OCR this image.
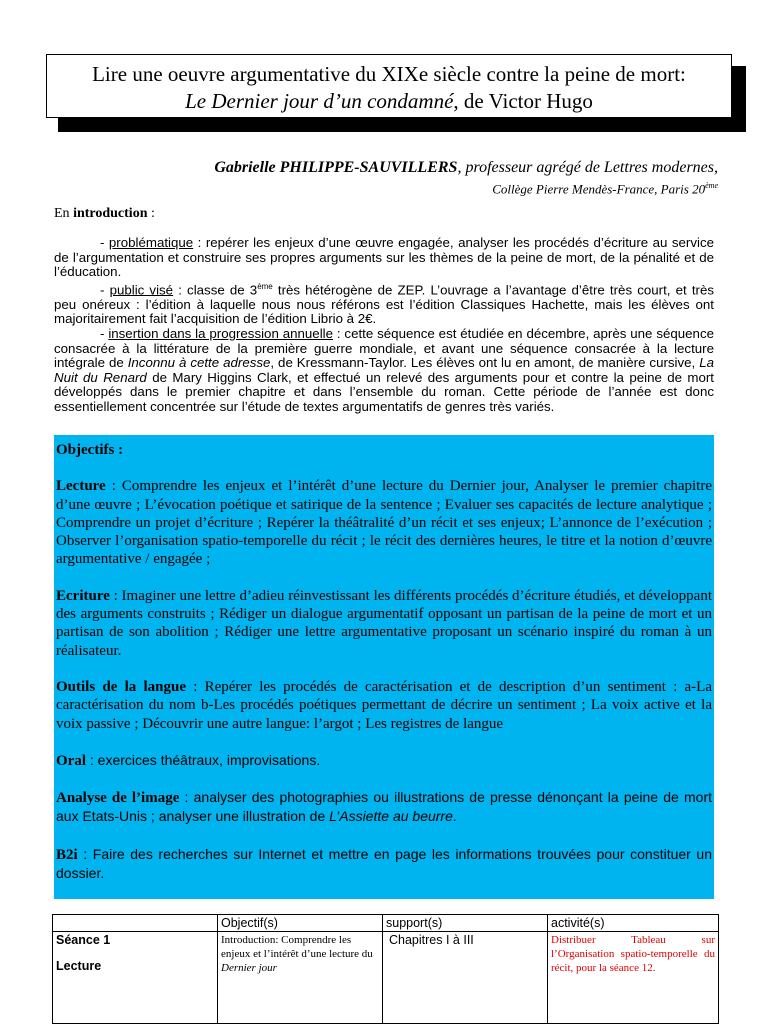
Lire une oeuvre argumentative du XIXe siècle contre la peine de mort:
Le Dernier jour d’un condamné, de Victor Hugo
Gabrielle PHILIPPE-SAUVILLERS, professeur agrégé de Lettres modernes,
Collège Pierre Mendès-France, Paris 20ème
En introduction :

- problématique : repérer les enjeux d’une œuvre engagée, analyser les procédés d’écriture au service de l’argumentation et construire ses propres arguments sur les thèmes de la peine de mort, de la pénalité et de l’éducation.

- public visé : classe de 3ème très hétérogène de ZEP. L’ouvrage a l’avantage d’être très court, et très peu onéreux : l’édition à laquelle nous nous référons est l’édition Classiques Hachette, mais les élèves ont majoritairement fait l’acquisition de l’édition Librio à 2€.

- insertion dans la progression annuelle : cette séquence est étudiée en décembre, après une séquence consacrée à la littérature de la première guerre mondiale, et avant une séquence consacrée à la lecture intégrale de Inconnu à cette adresse, de Kressmann-Taylor. Les élèves ont lu en amont, de manière cursive, La Nuit du Renard de Mary Higgins Clark, et effectué un relevé des arguments pour et contre la peine de mort développés dans le premier chapitre et dans l’ensemble du roman. Cette période de l’année est donc essentiellement concentrée sur l’étude de textes argumentatifs de genres très variés.

Objectifs :

Lecture : Comprendre les enjeux et l’intérêt d’une lecture du Dernier jour, Analyser le premier chapitre d’une œuvre ; L’évocation poétique et satirique de la sentence ; Evaluer ses capacités de lecture analytique ; Comprendre un projet d’écriture ; Repérer la théâtralité d’un récit et ses enjeux; L’annonce de l’exécution ; Observer l’organisation spatio-temporelle du récit ; le récit des dernières heures, le titre et la notion d’œuvre argumentative / engagée ;

Ecriture : Imaginer une lettre d’adieu réinvestissant les différents procédés d’écriture étudiés, et développant des arguments construits ; Rédiger un dialogue argumentatif opposant un partisan de la peine de mort et un partisan de son abolition ; Rédiger une lettre argumentative proposant un scénario inspiré du roman à un réalisateur.

Outils de la langue : Repérer les procédés de caractérisation et de description d’un sentiment : a-La caractérisation du nom b-Les procédés poétiques permettant de décrire un sentiment ; La voix active et la voix passive ; Découvrir une autre langue: l’argot ; Les registres de langue

Oral : exercices théâtraux, improvisations.

Analyse de l’image : analyser des photographies ou illustrations de presse dénonçant la peine de mort aux Etats-Unis ; analyser une illustration de L’Assiette au beurre.

B2i : Faire des recherches sur Internet et mettre en page les informations trouvées pour constituer un dossier.

	Objectif(s)	support(s)	activité(s)

Séance 1
Lecture	Introduction: Comprendre les enjeux et l’intérêt d’une lecture du Dernier jour	Chapitres I à III	Distribuer Tableau sur l’Organisation spatio-temporelle du récit, pour la séance 12.
